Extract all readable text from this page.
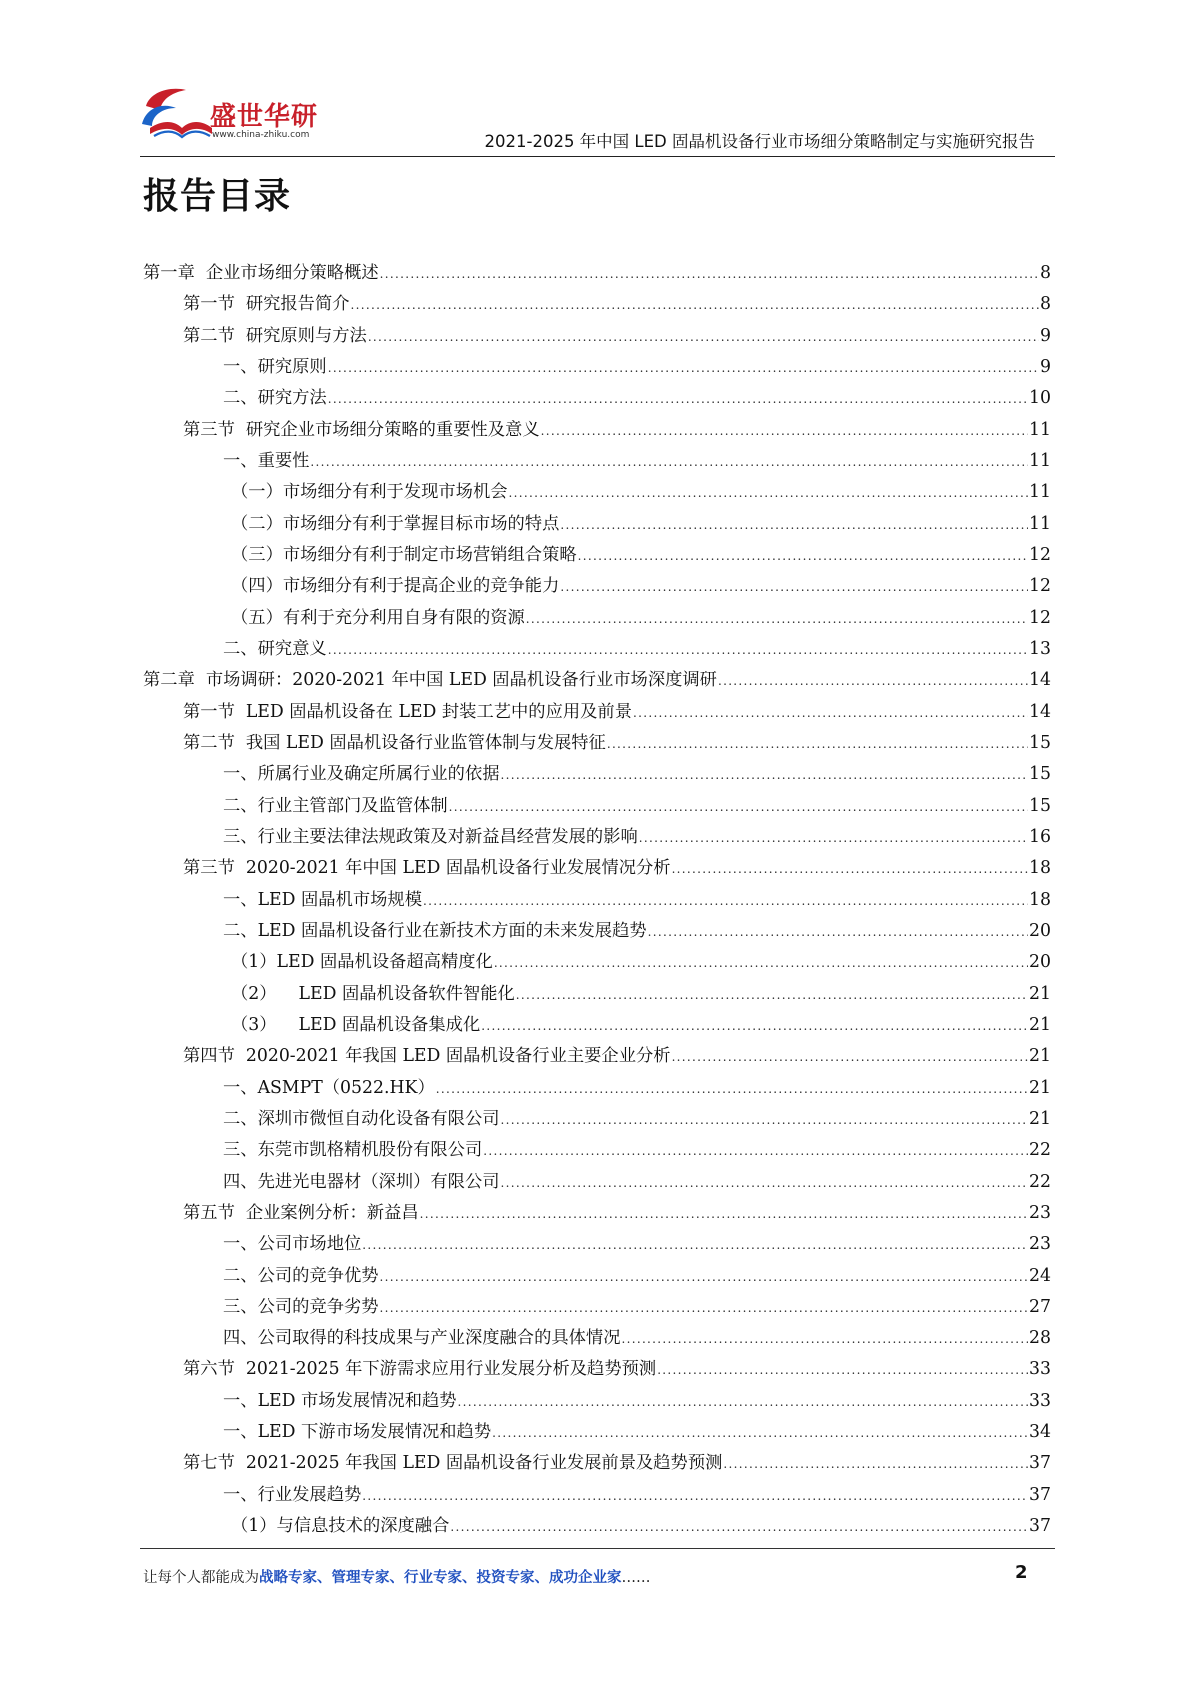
盛世华研
www.china-zhiku.com	2021-2025 年中国 LED 固晶机设备行业市场细分策略制定与实施研究报告
报告目录
第一章  企业市场细分策略概述 .....	8
第一节  研究报告简介 .....	8
第二节  研究原则与方法 .....	9
一、研究原则 .....	9
二、研究方法 .....	10
第三节  研究企业市场细分策略的重要性及意义 .....	11
一、重要性 .....	11
（一）市场细分有利于发现市场机会 .....	11
（二）市场细分有利于掌握目标市场的特点 .....	11
（三）市场细分有利于制定市场营销组合策略 .....	12
（四）市场细分有利于提高企业的竞争能力 .....	12
（五）有利于充分利用自身有限的资源 .....	12
二、研究意义 .....	13
第二章  市场调研：2020-2021 年中国 LED 固晶机设备行业市场深度调研 .....	14
第一节  LED 固晶机设备在 LED 封装工艺中的应用及前景 .....	14
第二节  我国 LED 固晶机设备行业监管体制与发展特征 .....	15
一、所属行业及确定所属行业的依据 .....	15
二、行业主管部门及监管体制 .....	15
三、行业主要法律法规政策及对新益昌经营发展的影响 .....	16
第三节  2020-2021 年中国 LED 固晶机设备行业发展情况分析 .....	18
一、LED 固晶机市场规模 .....	18
二、LED 固晶机设备行业在新技术方面的未来发展趋势 .....	20
（1）LED 固晶机设备超高精度化 .....	20
（2）    LED 固晶机设备软件智能化 .....	21
（3）    LED 固晶机设备集成化 .....	21
第四节  2020-2021 年我国 LED 固晶机设备行业主要企业分析 .....	21
一、ASMPT（0522.HK） .....	21
二、深圳市微恒自动化设备有限公司 .....	21
三、东莞市凯格精机股份有限公司 .....	22
四、先进光电器材（深圳）有限公司 .....	22
第五节  企业案例分析：新益昌 .....	23
一、公司市场地位 .....	23
二、公司的竞争优势 .....	24
三、公司的竞争劣势 .....	27
四、公司取得的科技成果与产业深度融合的具体情况 .....	28
第六节  2021-2025 年下游需求应用行业发展分析及趋势预测 .....	33
一、LED 市场发展情况和趋势 .....	33
一、LED 下游市场发展情况和趋势 .....	34
第七节  2021-2025 年我国 LED 固晶机设备行业发展前景及趋势预测 .....	37
一、行业发展趋势 .....	37
（1）与信息技术的深度融合 .....	37
让每个人都能成为战略专家、管理专家、行业专家、投资专家、成功企业家……	2
